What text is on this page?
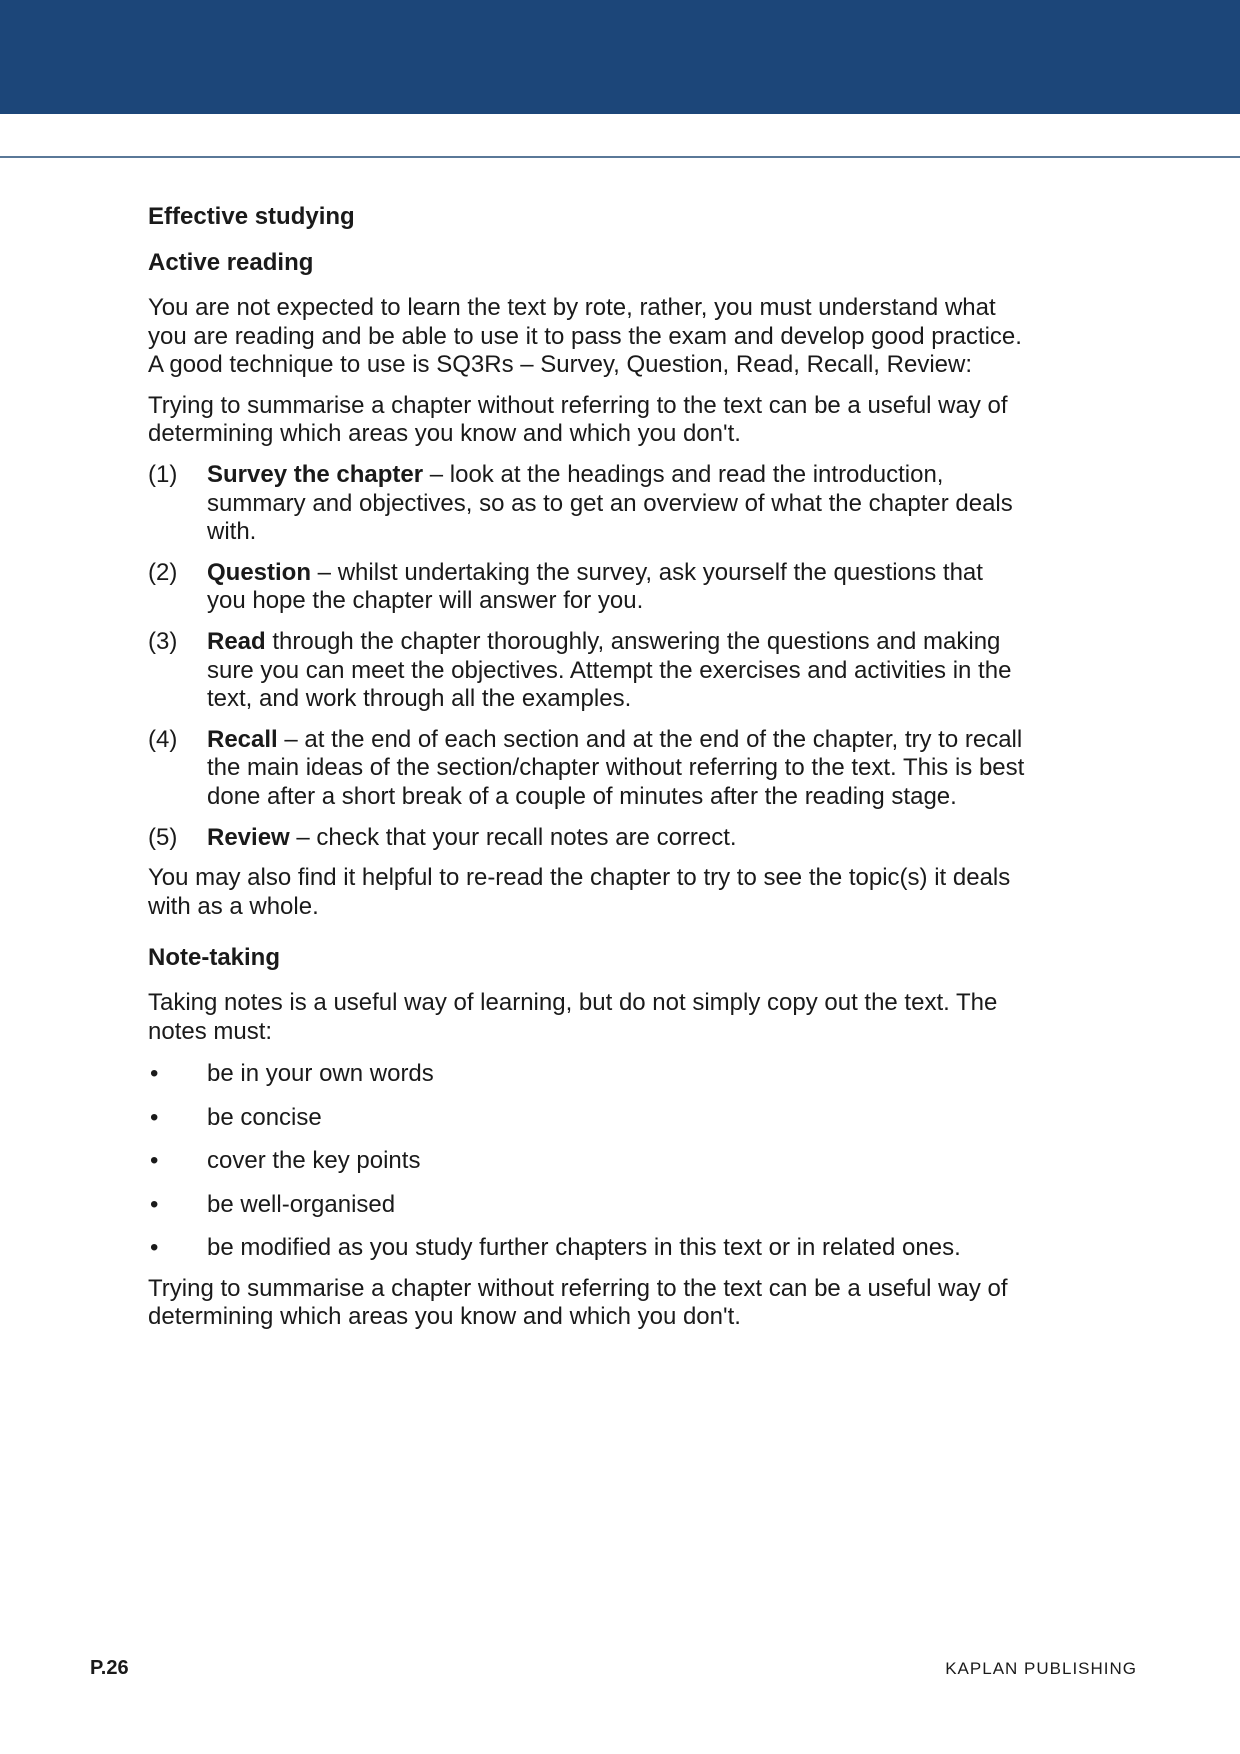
Effective studying
Active reading
You are not expected to learn the text by rote, rather, you must understand what you are reading and be able to use it to pass the exam and develop good practice. A good technique to use is SQ3Rs – Survey, Question, Read, Recall, Review:
Trying to summarise a chapter without referring to the text can be a useful way of determining which areas you know and which you don't.
(1)	Survey the chapter – look at the headings and read the introduction, summary and objectives, so as to get an overview of what the chapter deals with.
(2)	Question – whilst undertaking the survey, ask yourself the questions that you hope the chapter will answer for you.
(3)	Read through the chapter thoroughly, answering the questions and making sure you can meet the objectives. Attempt the exercises and activities in the text, and work through all the examples.
(4)	Recall – at the end of each section and at the end of the chapter, try to recall the main ideas of the section/chapter without referring to the text. This is best done after a short break of a couple of minutes after the reading stage.
(5)	Review – check that your recall notes are correct.
You may also find it helpful to re-read the chapter to try to see the topic(s) it deals with as a whole.
Note-taking
Taking notes is a useful way of learning, but do not simply copy out the text. The notes must:
•	be in your own words
•	be concise
•	cover the key points
•	be well-organised
•	be modified as you study further chapters in this text or in related ones.
Trying to summarise a chapter without referring to the text can be a useful way of determining which areas you know and which you don't.
P.26	KAPLAN PUBLISHING
